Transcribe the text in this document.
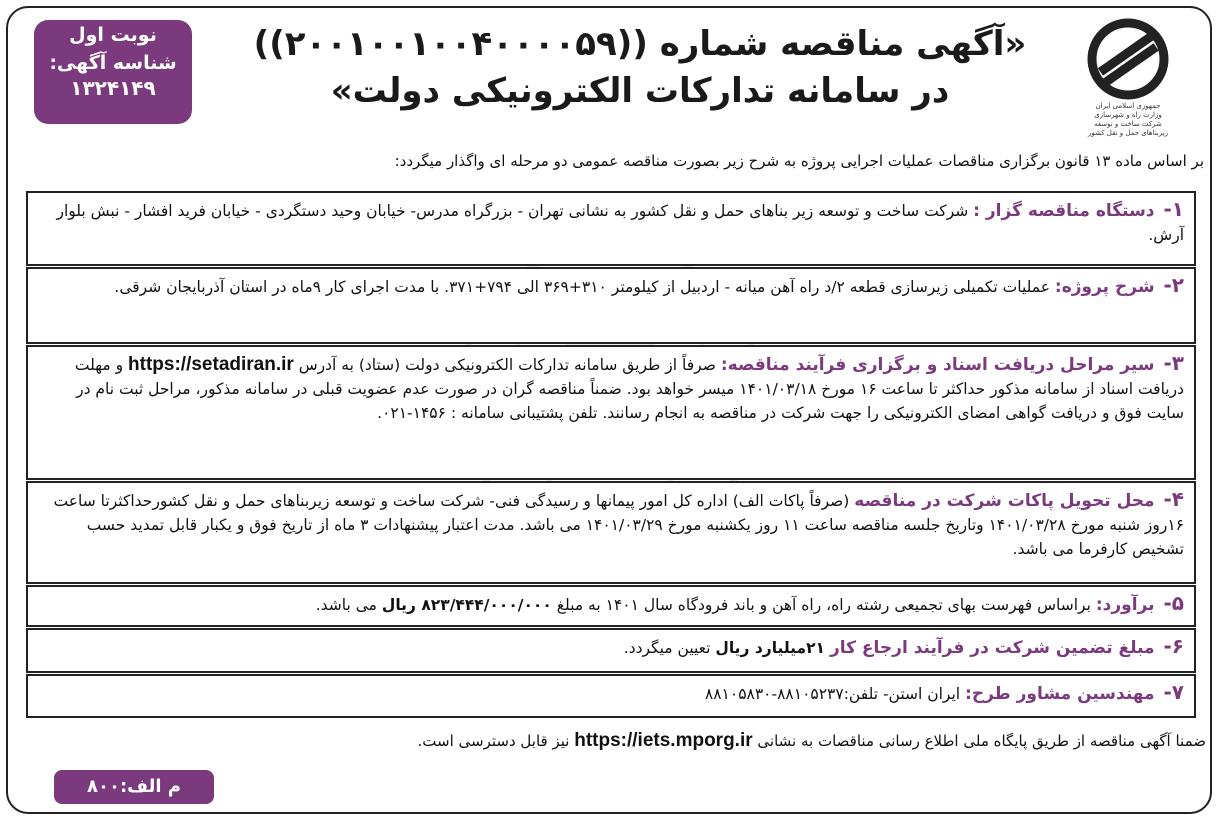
نوبت اول
شناسه آگهی:
۱۳۲۴۱۴۹
جمهوری اسلامی ایران
وزارت راه و شهرسازی
شرکت ساخت و توسعه زیربناهای حمل و نقل کشور
«آگهی مناقصه شماره ((۲۰۰۱۰۰۱۰۰۴۰۰۰۰۵۹))
در سامانه تدارکات الکترونیکی دولت»
بر اساس ماده ۱۳ قانون برگزاری مناقصات عملیات اجرایی پروژه به شرح زیر بصورت مناقصه عمومی دو مرحله ای واگذار میگردد:
۱- دستگاه مناقصه گزار : شرکت ساخت و توسعه زیر بناهای حمل و نقل کشور به نشانی تهران - بزرگراه مدرس- خیابان وحید دستگردی - خیابان فرید افشار - نبش بلوار آرش.
۲- شرح پروژه: عملیات تکمیلی زیرسازی قطعه ۲/د راه آهن میانه - اردبیل از کیلومتر ۳۱۰+۳۶۹ الی ۷۹۴+۳۷۱. با مدت اجرای کار ۹ماه در استان آذربایجان شرقی.
۳- سیر مراحل دریافت اسناد و برگزاری فرآیند مناقصه: صرفاً از طریق سامانه تدارکات الکترونیکی دولت (ستاد) به آدرس https://setadiran.ir و مهلت دریافت اسناد از سامانه مذکور حداکثر تا ساعت ۱۶ مورخ ۱۴۰۱/۰۳/۱۸ میسر خواهد بود. ضمناً مناقصه گران در صورت عدم عضویت قبلی در سامانه مذکور، مراحل ثبت نام در سایت فوق و دریافت گواهی امضای الکترونیکی را جهت شرکت در مناقصه به انجام رسانند. تلفن پشتیبانی سامانه : ۱۴۵۶-۰۲۱.
۴- محل تحویل پاکات شرکت در مناقصه (صرفاً پاکات الف) اداره کل امور پیمانها و رسیدگی فنی- شرکت ساخت و توسعه زیربناهای حمل و نقل کشورحداکثرتا ساعت ۱۶روز شنبه مورخ ۱۴۰۱/۰۳/۲۸ وتاریخ جلسه مناقصه ساعت ۱۱ روز یکشنبه مورخ ۱۴۰۱/۰۳/۲۹ می باشد. مدت اعتبار پیشنهادات ۳ ماه از تاریخ فوق و یکبار قابل تمدید حسب تشخیص کارفرما می باشد.
۵- برآورد: براساس فهرست بهای تجمیعی رشته راه، راه آهن و باند فرودگاه سال ۱۴۰۱ به مبلغ ۸۲۳/۴۴۴/۰۰۰/۰۰۰ ریال می باشد.
۶- مبلغ تضمین شرکت در فرآیند ارجاع کار ۲۱میلیارد ریال تعیین میگردد.
۷- مهندسین مشاور طرح: ایران استن- تلفن:۸۸۱۰۵۲۳۷-۸۸۱۰۵۸۳۰
ضمنا آگهی مناقصه از طریق پایگاه ملی اطلاع رسانی مناقصات به نشانی https://iets.mporg.ir نیز قابل دسترسی است.
م الف:۸۰۰
